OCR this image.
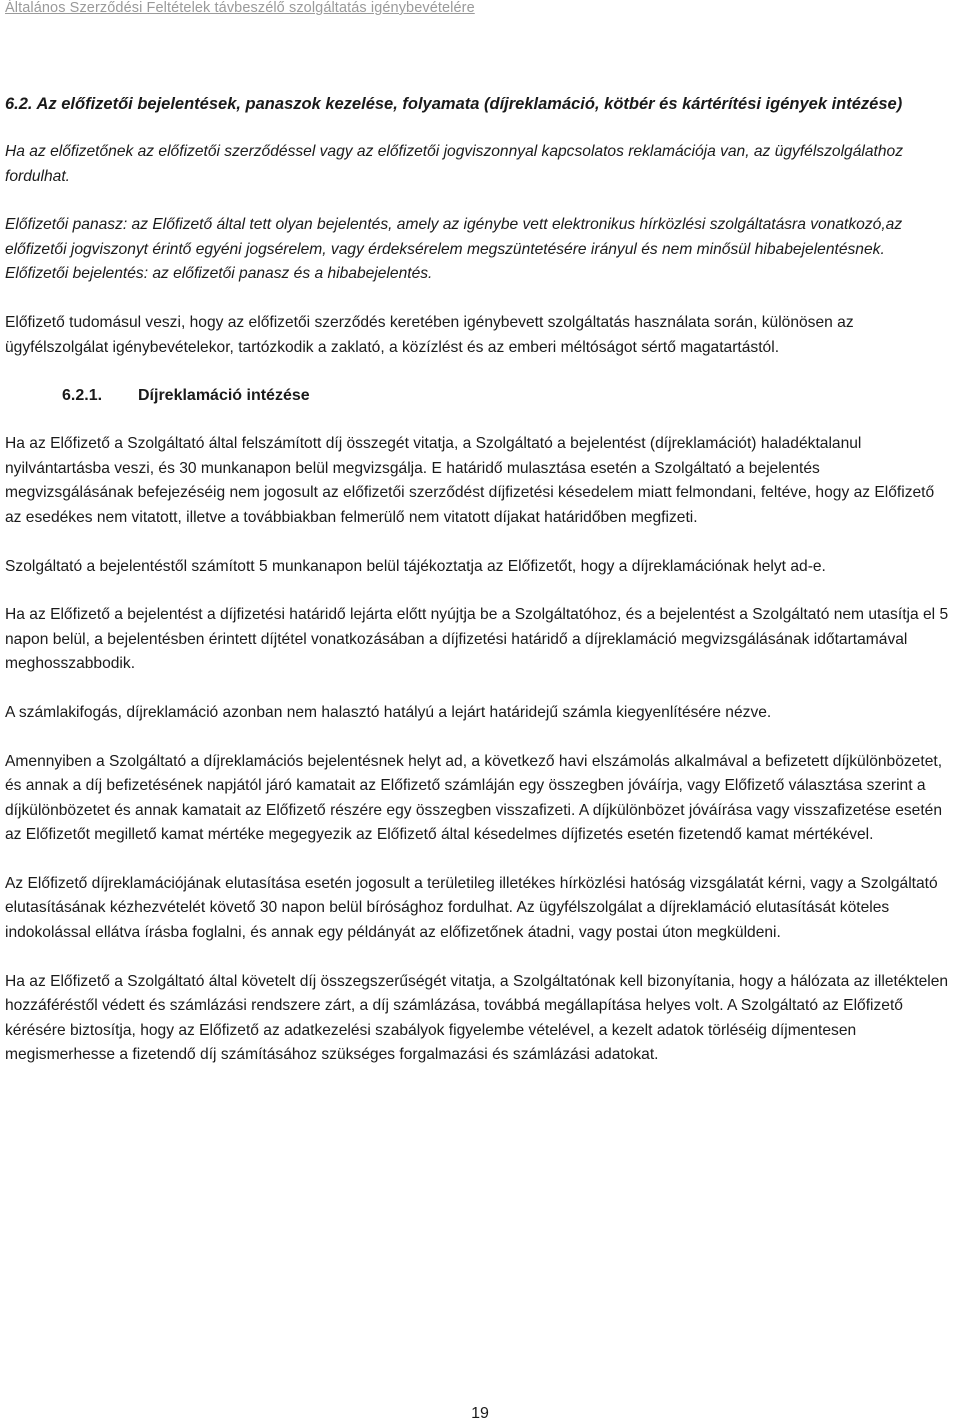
Általános Szerződési Feltételek távbeszélő szolgáltatás igénybevételére

6.2. Az előfizetői bejelentések, panaszok kezelése, folyamata (díjreklamáció, kötbér és kártérítési igények intézése)

Ha az előfizetőnek az előfizetői szerződéssel vagy az előfizetői jogviszonnyal kapcsolatos reklamációja van, az ügyfélszolgálathoz fordulhat.

Előfizetői panasz: az Előfizető által tett olyan bejelentés, amely az igénybe vett elektronikus hírközlési szolgáltatásra vonatkozó,az előfizetői jogviszonyt érintő egyéni jogsérelem, vagy érdeksérelem megszüntetésére irányul és nem minősül hibabejelentésnek.

Előfizetői bejelentés: az előfizetői panasz és a hibabejelentés.

Előfizető tudomásul veszi, hogy az előfizetői szerződés keretében igénybevett szolgáltatás használata során, különösen az ügyfélszolgálat igénybevételekor, tartózkodik a zaklató, a közízlést és az emberi méltóságot sértő magatartástól.

6.2.1. Díjreklamáció intézése

Ha az Előfizető a Szolgáltató által felszámított díj összegét vitatja, a Szolgáltató a bejelentést (díjreklamációt) haladéktalanul nyilvántartásba veszi, és 30 munkanapon belül megvizsgálja. E határidő mulasztása esetén a Szolgáltató a bejelentés megvizsgálásának befejezéséig nem jogosult az előfizetői szerződést díjfizetési késedelem miatt felmondani, feltéve, hogy az Előfizető az esedékes nem vitatott, illetve a továbbiakban felmerülő nem vitatott díjakat határidőben megfizeti.

Szolgáltató a bejelentéstől számított 5 munkanapon belül tájékoztatja az Előfizetőt, hogy a díjreklamációnak helyt ad-e.

Ha az Előfizető a bejelentést a díjfizetési határidő lejárta előtt nyújtja be a Szolgáltatóhoz, és a bejelentést a Szolgáltató nem utasítja el 5 napon belül, a bejelentésben érintett díjtétel vonatkozásában a díjfizetési határidő a díjreklamáció megvizsgálásának időtartamával meghosszabbodik.

A számlakifogás, díjreklamáció azonban nem halasztó hatályú a lejárt határidejű számla kiegyenlítésére nézve.

Amennyiben a Szolgáltató a díjreklamációs bejelentésnek helyt ad, a következő havi elszámolás alkalmával a befizetett díjkülönbözetet, és annak a díj befizetésének napjától járó kamatait az Előfizető számláján egy összegben jóváírja, vagy Előfizető választása szerint a díjkülönbözetet és annak kamatait az Előfizető részére egy összegben visszafizeti. A díjkülönbözet jóváírása vagy visszafizetése esetén az Előfizetőt megillető kamat mértéke megegyezik az Előfizető által késedelmes díjfizetés esetén fizetendő kamat mértékével.

Az Előfizető díjreklamációjának elutasítása esetén jogosult a területileg illetékes hírközlési hatóság vizsgálatát kérni, vagy a Szolgáltató elutasításának kézhezvételét követő 30 napon belül bírósághoz fordulhat. Az ügyfélszolgálat a díjreklamáció elutasítását köteles indokolással ellátva írásba foglalni, és annak egy példányát az előfizetőnek átadni, vagy postai úton megküldeni.

Ha az Előfizető a Szolgáltató által követelt díj összegszerűségét vitatja, a Szolgáltatónak kell bizonyítania, hogy a hálózata az illetéktelen hozzáféréstől védett és számlázási rendszere zárt, a díj számlázása, továbbá megállapítása helyes volt. A Szolgáltató az Előfizető kérésére biztosítja, hogy az Előfizető az adatkezelési szabályok figyelembe vételével, a kezelt adatok törléséig díjmentesen megismerhesse a fizetendő díj számításához szükséges forgalmazási és számlázási adatokat.

19
